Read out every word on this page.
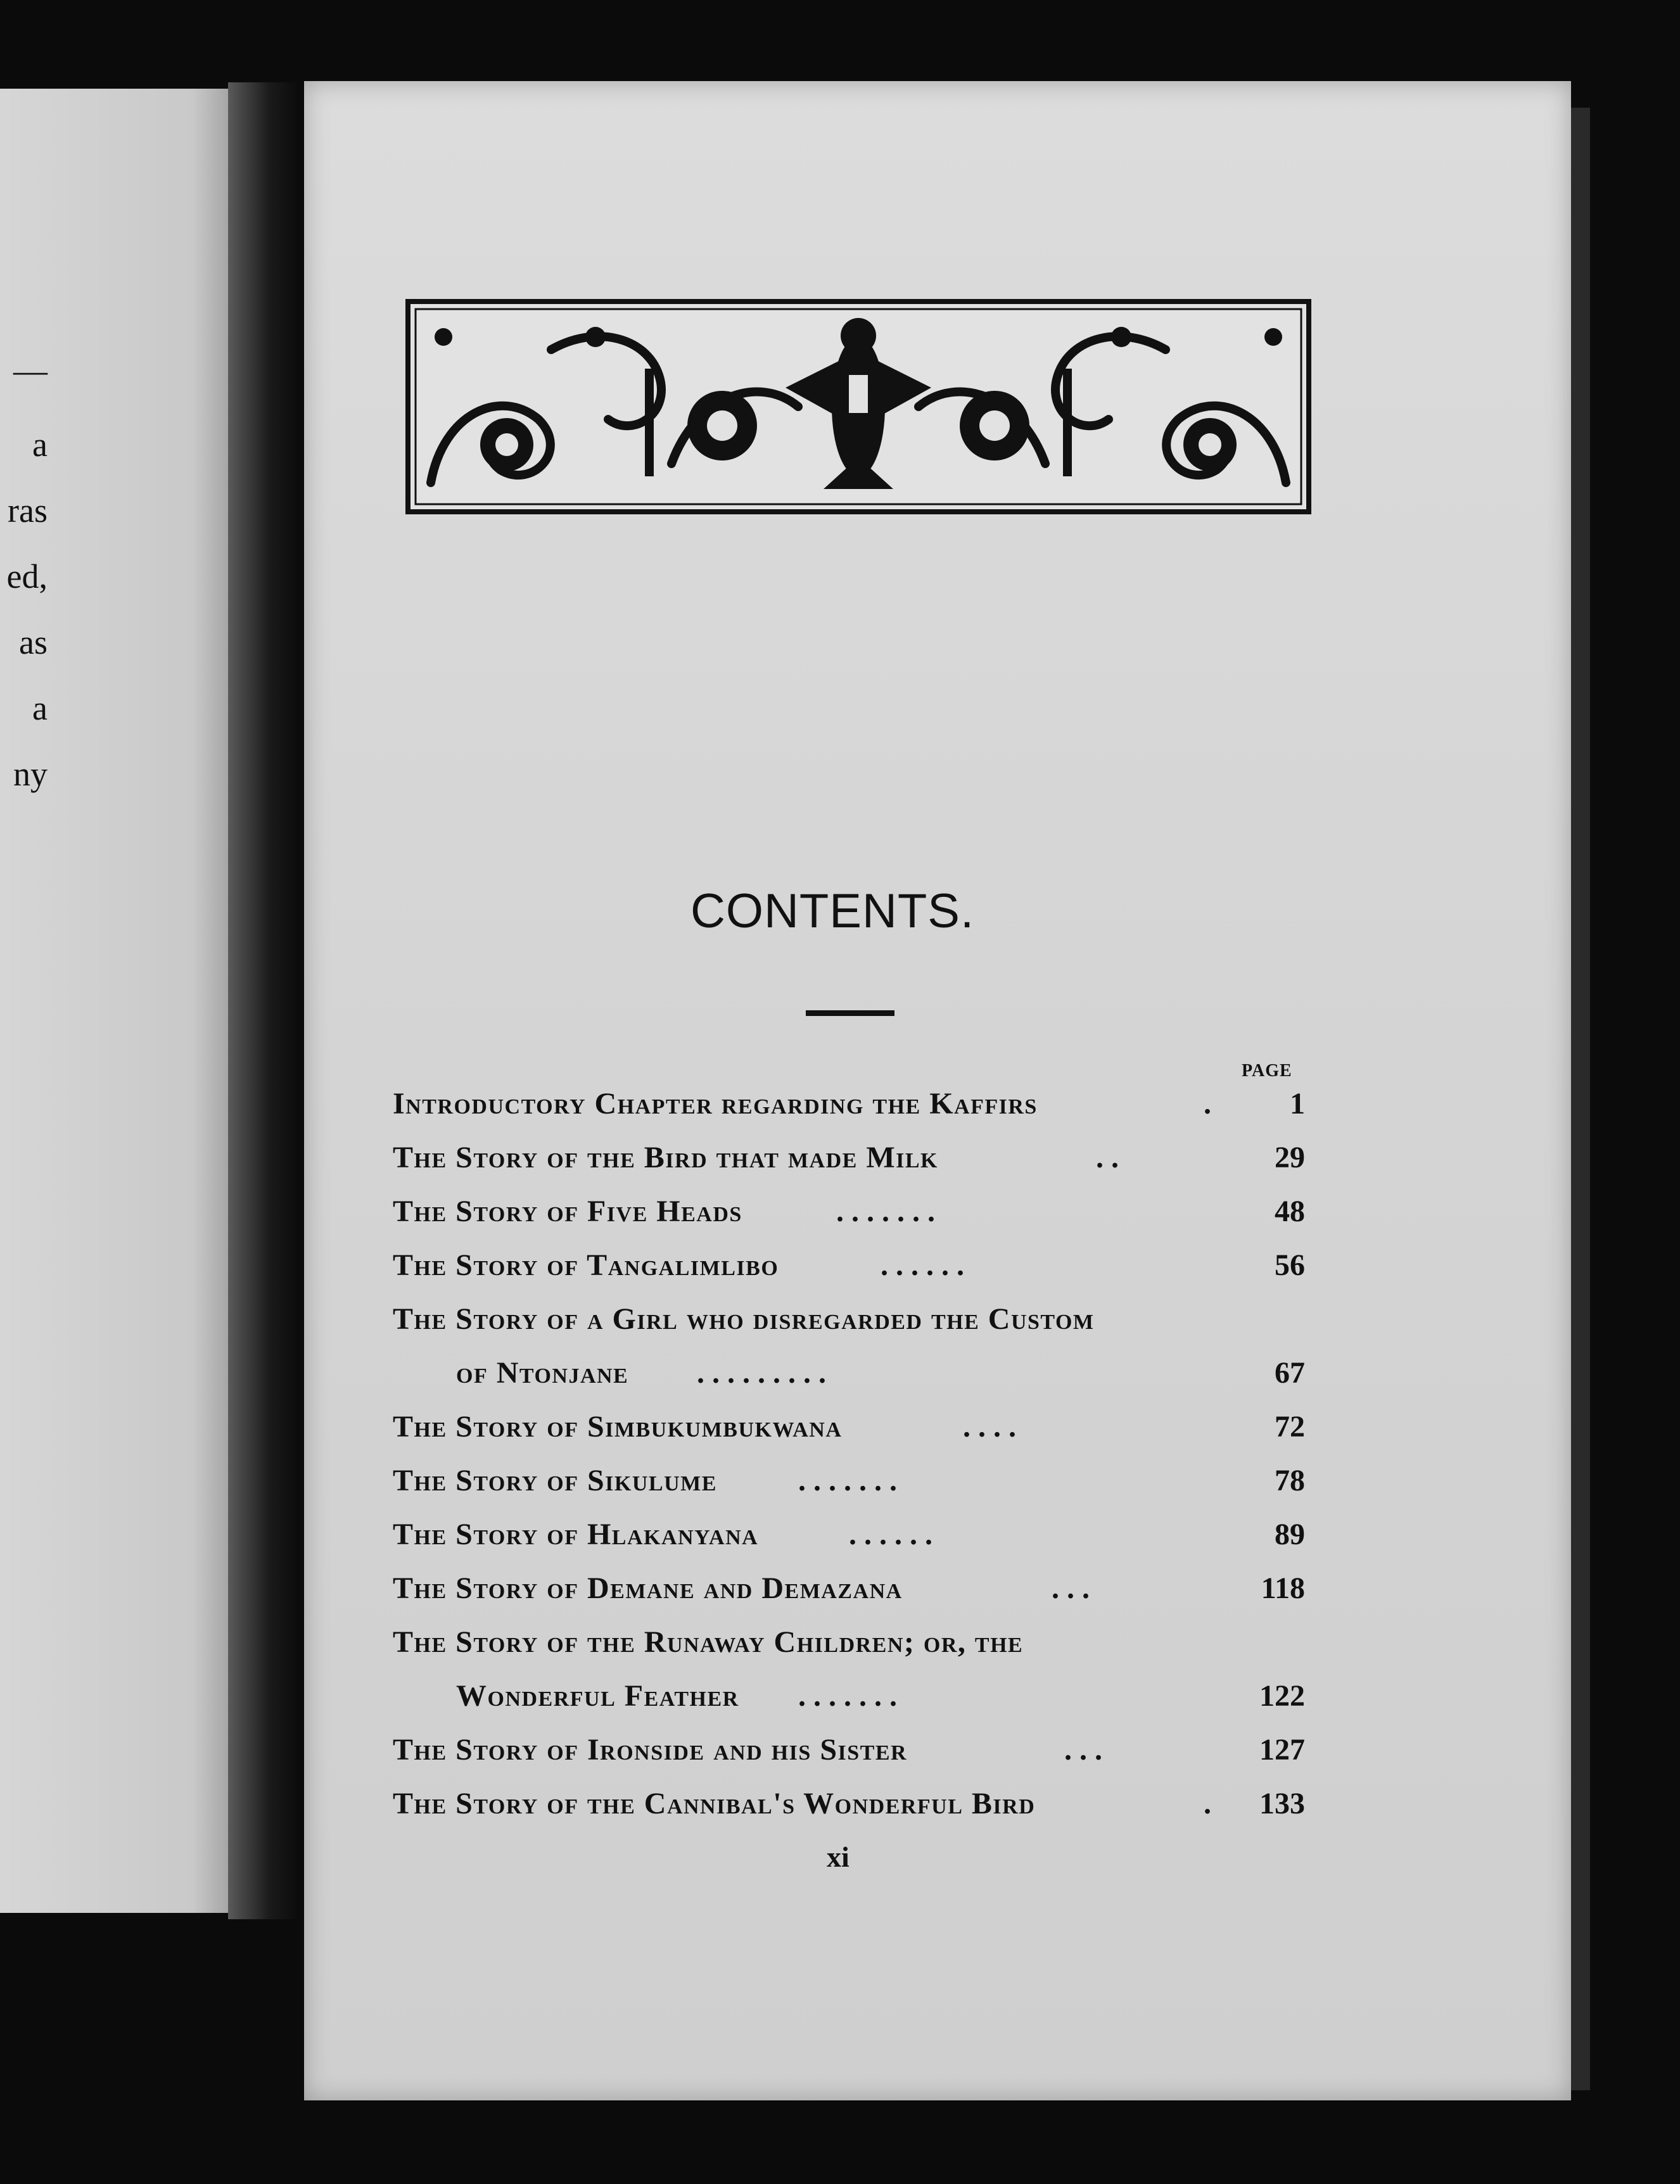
—
a
ras
ed,
as
a
ny
CONTENTS.
PAGE
Introductory Chapter regarding the Kaffirs	.	1
The Story of the Bird that made Milk	. .	29
The Story of Five Heads	. . . . . . .	48
The Story of Tangalimlibo	. . . . . .	56
The Story of a Girl who disregarded the Custom
of Ntonjane . . . . . . . . .	67
The Story of Simbukumbukwana	. . . .	72
The Story of Sikulume	. . . . . . .	78
The Story of Hlakanyana	. . . . . .	89
The Story of Demane and Demazana	. . .	118
The Story of the Runaway Children; or, the
Wonderful Feather . . . . . . .	122
The Story of Ironside and his Sister	. . .	127
The Story of the Cannibal's Wonderful Bird	. 133
xi
